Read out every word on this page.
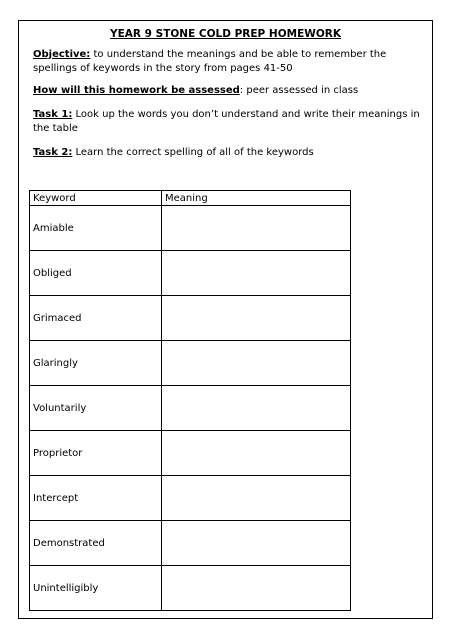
YEAR 9 STONE COLD PREP HOMEWORK
Objective: to understand the meanings and be able to remember the spellings of keywords in the story from pages 41-50
How will this homework be assessed: peer assessed in class
Task 1: Look up the words you don’t understand and write their meanings in the table
Task 2: Learn the correct spelling of all of the keywords
Keyword	Meaning
Amiable	
Obliged	
Grimaced	
Glaringly	
Voluntarily	
Proprietor	
Intercept	
Demonstrated	
Unintelligibly	
